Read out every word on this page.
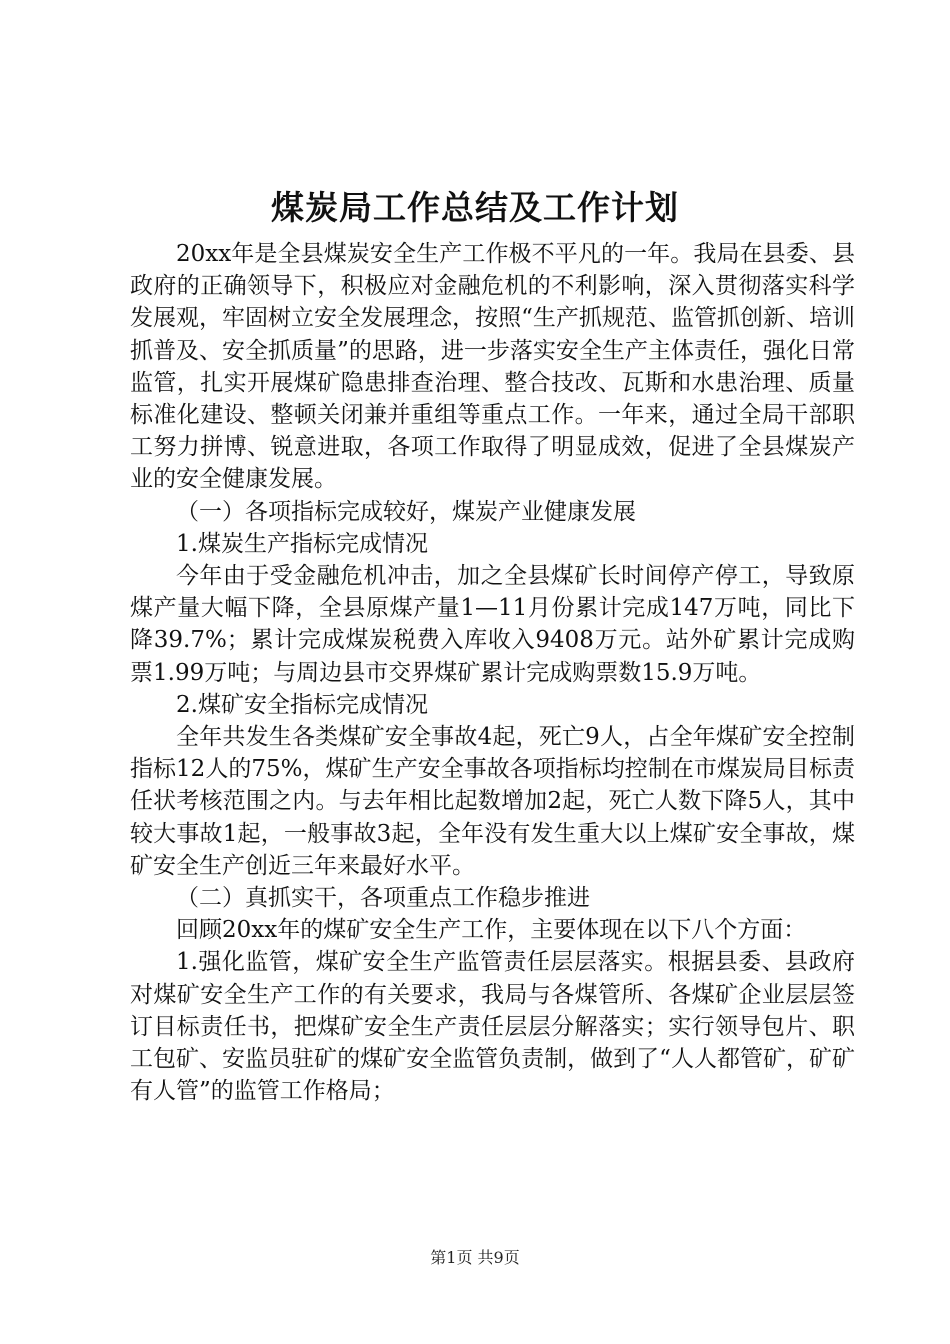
煤炭局工作总结及工作计划

20xx年是全县煤炭安全生产工作极不平凡的一年。我局在县委、县政府的正确领导下，积极应对金融危机的不利影响，深入贯彻落实科学发展观，牢固树立安全发展理念，按照“生产抓规范、监管抓创新、培训抓普及、安全抓质量”的思路，进一步落实安全生产主体责任，强化日常监管，扎实开展煤矿隐患排查治理、整合技改、瓦斯和水患治理、质量标准化建设、整顿关闭兼并重组等重点工作。一年来，通过全局干部职工努力拼博、锐意进取，各项工作取得了明显成效，促进了全县煤炭产业的安全健康发展。

（一）各项指标完成较好，煤炭产业健康发展

1.煤炭生产指标完成情况

今年由于受金融危机冲击，加之全县煤矿长时间停产停工，导致原煤产量大幅下降，全县原煤产量1—11月份累计完成147万吨，同比下降39.7%；累计完成煤炭税费入库收入9408万元。站外矿累计完成购票1.99万吨；与周边县市交界煤矿累计完成购票数15.9万吨。

2.煤矿安全指标完成情况

全年共发生各类煤矿安全事故4起，死亡9人，占全年煤矿安全控制指标12人的75%，煤矿生产安全事故各项指标均控制在市煤炭局目标责任状考核范围之内。与去年相比起数增加2起，死亡人数下降5人，其中较大事故1起，一般事故3起，全年没有发生重大以上煤矿安全事故，煤矿安全生产创近三年来最好水平。

（二）真抓实干，各项重点工作稳步推进

回顾20xx年的煤矿安全生产工作，主要体现在以下八个方面：

1.强化监管，煤矿安全生产监管责任层层落实。根据县委、县政府对煤矿安全生产工作的有关要求，我局与各煤管所、各煤矿企业层层签订目标责任书，把煤矿安全生产责任层层分解落实；实行领导包片、职工包矿、安监员驻矿的煤矿安全监管负责制，做到了“人人都管矿，矿矿有人管”的监管工作格局；

第1页 共9页
